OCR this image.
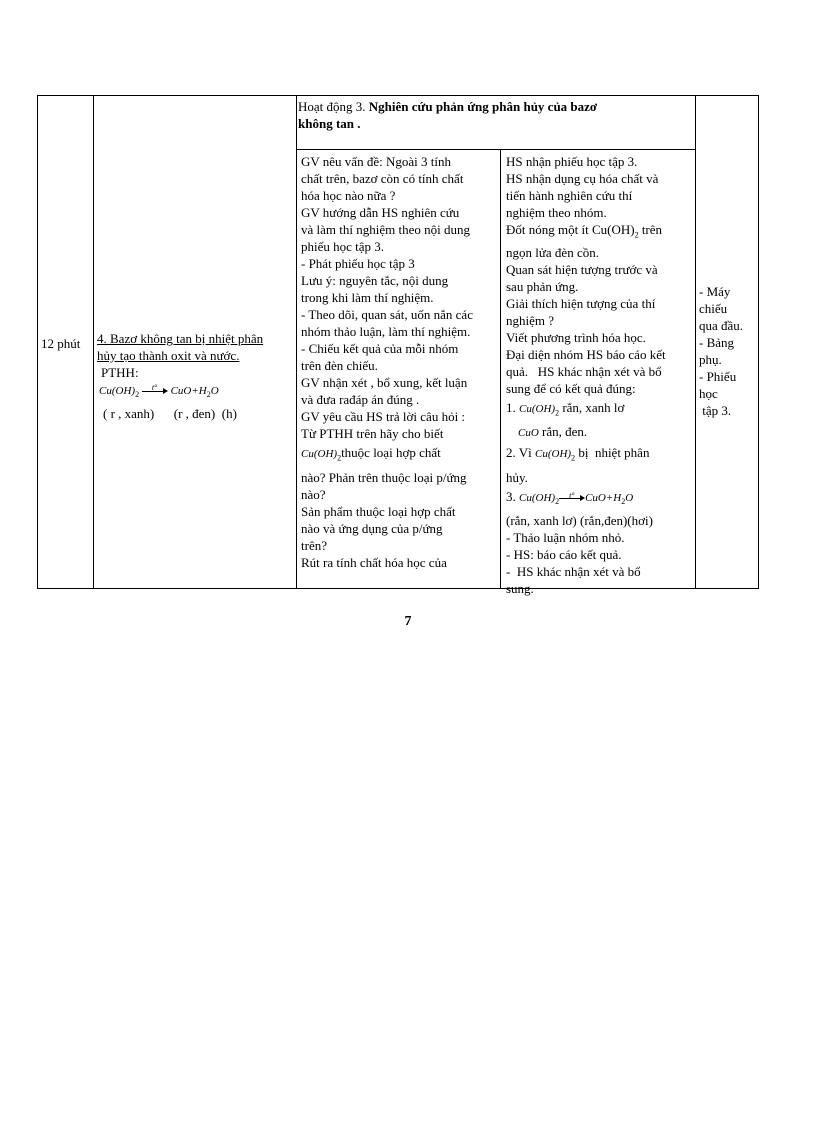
12 phút 4. Bazơ không tan bị nhiệt phân
hủy tạo thành oxit và nước.
PTHH:
$Cu(OH)_2$
t° $CuO+H_2O$
( r , xanh)      (r , đen)  (h)
Hoạt động 3. Nghiên cứu phản ứng phân hủy của bazơ
không tan .
GV nêu vấn đề: Ngoài 3 tính
chất trên, bazơ còn có tính chất
hóa học nào nữa ?
GV hướng dẫn HS nghiên cứu
và làm thí nghiệm theo nội dung
phiếu học tập 3.
- Phát phiếu học tập 3
Lưu ý: nguyên tắc, nội dung
trong khi làm thí nghiệm.
- Theo dõi, quan sát, uốn nắn các
nhóm thảo luận, làm thí nghiệm.
- Chiếu kết quả của mỗi nhóm
trên đèn chiếu.
GV nhận xét , bổ xung, kết luận
và đưa rađáp án đúng .
GV yêu cầu HS trả lời câu hỏi :
Từ PTHH trên hãy cho biết
$Cu(OH)_2thuộc$ loại hợp chất
nào? Phản trên thuộc loại p/ứng
nào?
Sản phẩm thuộc loại hợp chất
nào và ứng dụng của p/ứng
trên?
Rút ra tính chất hóa học của
HS nhận phiếu học tập 3.
HS nhận dụng cụ hóa chất và
tiến hành nghiên cứu thí
nghiệm theo nhóm.
Đốt nóng một ít $Cu(OH)_2$ trên
ngọn lửa đèn cồn.
Quan sát hiện tượng trước và
sau phản ứng.
Giải thích hiện tượng của thí
nghiệm ?
Viết phương trình hóa học.
Đại diện nhóm HS báo cáo kết
quả.   HS khác nhận xét và bổ
sung để có kết quả đúng:
1. $Cu(OH)_2$ rắn, xanh lơ
CuO rắn, đen.
2. Vì $Cu(OH)_2$ bị  nhiệt phân
hủy.
3. $Cu(OH)_2$
t° $CuO+H_2O$
(rắn, xanh lơ) (rắn,đen)(hơi)
- Thảo luận nhóm nhỏ.
- HS: báo cáo kết quả.
-  HS khác nhận xét và bổ
sung.
- Máy
chiếu
qua đầu.
- Bảng
phụ.
- Phiếu
học
tập 3.
7
